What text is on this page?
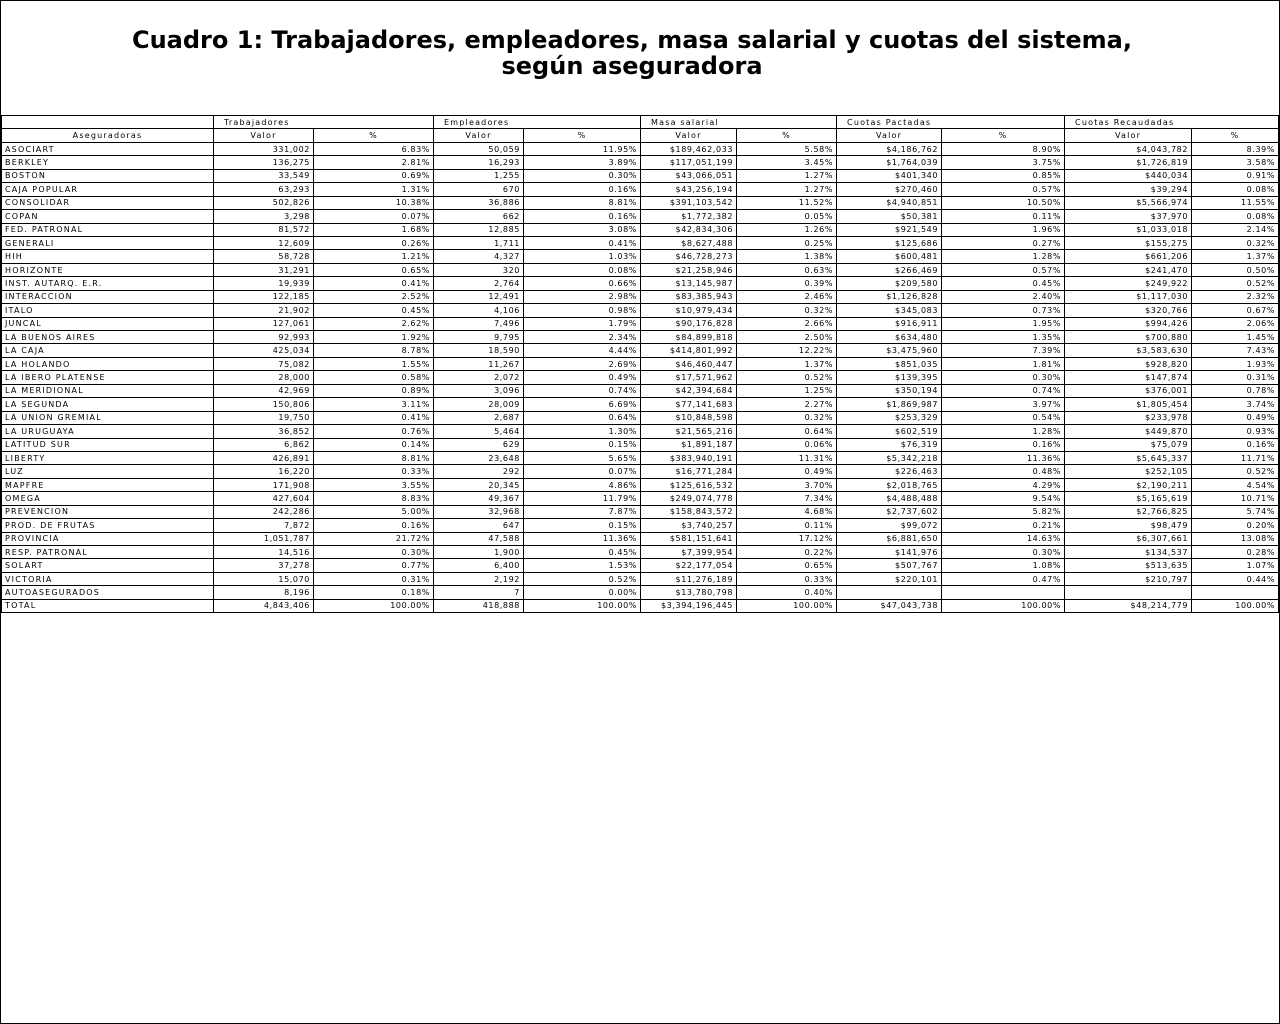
Cuadro 1: Trabajadores, empleadores, masa salarial y cuotas del sistema,
según aseguradora
	Trabajadores		Empleadores		Masa salarial		Cuotas Pactadas		Cuotas Recaudadas	
Aseguradoras	Valor	%	Valor	%	Valor	%	Valor	%	Valor	%
ASOCIART	331,002	6.83%	50,059	11.95%	$189,462,033	5.58%	$4,186,762	8.90%	$4,043,782	8.39%
BERKLEY	136,275	2.81%	16,293	3.89%	$117,051,199	3.45%	$1,764,039	3.75%	$1,726,819	3.58%
BOSTON	33,549	0.69%	1,255	0.30%	$43,066,051	1.27%	$401,340	0.85%	$440,034	0.91%
CAJA POPULAR	63,293	1.31%	670	0.16%	$43,256,194	1.27%	$270,460	0.57%	$39,294	0.08%
CONSOLIDAR	502,826	10.38%	36,886	8.81%	$391,103,542	11.52%	$4,940,851	10.50%	$5,566,974	11.55%
COPAN	3,298	0.07%	662	0.16%	$1,772,382	0.05%	$50,381	0.11%	$37,970	0.08%
FED. PATRONAL	81,572	1.68%	12,885	3.08%	$42,834,306	1.26%	$921,549	1.96%	$1,033,018	2.14%
GENERALI	12,609	0.26%	1,711	0.41%	$8,627,488	0.25%	$125,686	0.27%	$155,275	0.32%
HIH	58,728	1.21%	4,327	1.03%	$46,728,273	1.38%	$600,481	1.28%	$661,206	1.37%
HORIZONTE	31,291	0.65%	320	0.08%	$21,258,946	0.63%	$266,469	0.57%	$241,470	0.50%
INST. AUTARQ. E.R.	19,939	0.41%	2,764	0.66%	$13,145,987	0.39%	$209,580	0.45%	$249,922	0.52%
INTERACCION	122,185	2.52%	12,491	2.98%	$83,385,943	2.46%	$1,126,828	2.40%	$1,117,030	2.32%
ITALO	21,902	0.45%	4,106	0.98%	$10,979,434	0.32%	$345,083	0.73%	$320,766	0.67%
JUNCAL	127,061	2.62%	7,496	1.79%	$90,176,828	2.66%	$916,911	1.95%	$994,426	2.06%
LA BUENOS AIRES	92,993	1.92%	9,795	2.34%	$84,899,818	2.50%	$634,480	1.35%	$700,880	1.45%
LA CAJA	425,034	8.78%	18,590	4.44%	$414,801,992	12.22%	$3,475,960	7.39%	$3,583,630	7.43%
LA HOLANDO	75,082	1.55%	11,267	2.69%	$46,460,447	1.37%	$851,035	1.81%	$928,820	1.93%
LA IBERO PLATENSE	28,000	0.58%	2,072	0.49%	$17,571,962	0.52%	$139,395	0.30%	$147,874	0.31%
LA MERIDIONAL	42,969	0.89%	3,096	0.74%	$42,394,684	1.25%	$350,194	0.74%	$376,001	0.78%
LA SEGUNDA	150,806	3.11%	28,009	6.69%	$77,141,683	2.27%	$1,869,987	3.97%	$1,805,454	3.74%
LA UNION GREMIAL	19,750	0.41%	2,687	0.64%	$10,848,598	0.32%	$253,329	0.54%	$233,978	0.49%
LA URUGUAYA	36,852	0.76%	5,464	1.30%	$21,565,216	0.64%	$602,519	1.28%	$449,870	0.93%
LATITUD SUR	6,862	0.14%	629	0.15%	$1,891,187	0.06%	$76,319	0.16%	$75,079	0.16%
LIBERTY	426,891	8.81%	23,648	5.65%	$383,940,191	11.31%	$5,342,218	11.36%	$5,645,337	11.71%
LUZ	16,220	0.33%	292	0.07%	$16,771,284	0.49%	$226,463	0.48%	$252,105	0.52%
MAPFRE	171,908	3.55%	20,345	4.86%	$125,616,532	3.70%	$2,018,765	4.29%	$2,190,211	4.54%
OMEGA	427,604	8.83%	49,367	11.79%	$249,074,778	7.34%	$4,488,488	9.54%	$5,165,619	10.71%
PREVENCION	242,286	5.00%	32,968	7.87%	$158,843,572	4.68%	$2,737,602	5.82%	$2,766,825	5.74%
PROD. DE FRUTAS	7,872	0.16%	647	0.15%	$3,740,257	0.11%	$99,072	0.21%	$98,479	0.20%
PROVINCIA	1,051,787	21.72%	47,588	11.36%	$581,151,641	17.12%	$6,881,650	14.63%	$6,307,661	13.08%
RESP. PATRONAL	14,516	0.30%	1,900	0.45%	$7,399,954	0.22%	$141,976	0.30%	$134,537	0.28%
SOLART	37,278	0.77%	6,400	1.53%	$22,177,054	0.65%	$507,767	1.08%	$513,635	1.07%
VICTORIA	15,070	0.31%	2,192	0.52%	$11,276,189	0.33%	$220,101	0.47%	$210,797	0.44%
AUTOASEGURADOS	8,196	0.18%	7	0.00%	$13,780,798	0.40%				
TOTAL	4,843,406	100.00%	418,888	100.00%	$3,394,196,445	100.00%	$47,043,738	100.00%	$48,214,779	100.00%
